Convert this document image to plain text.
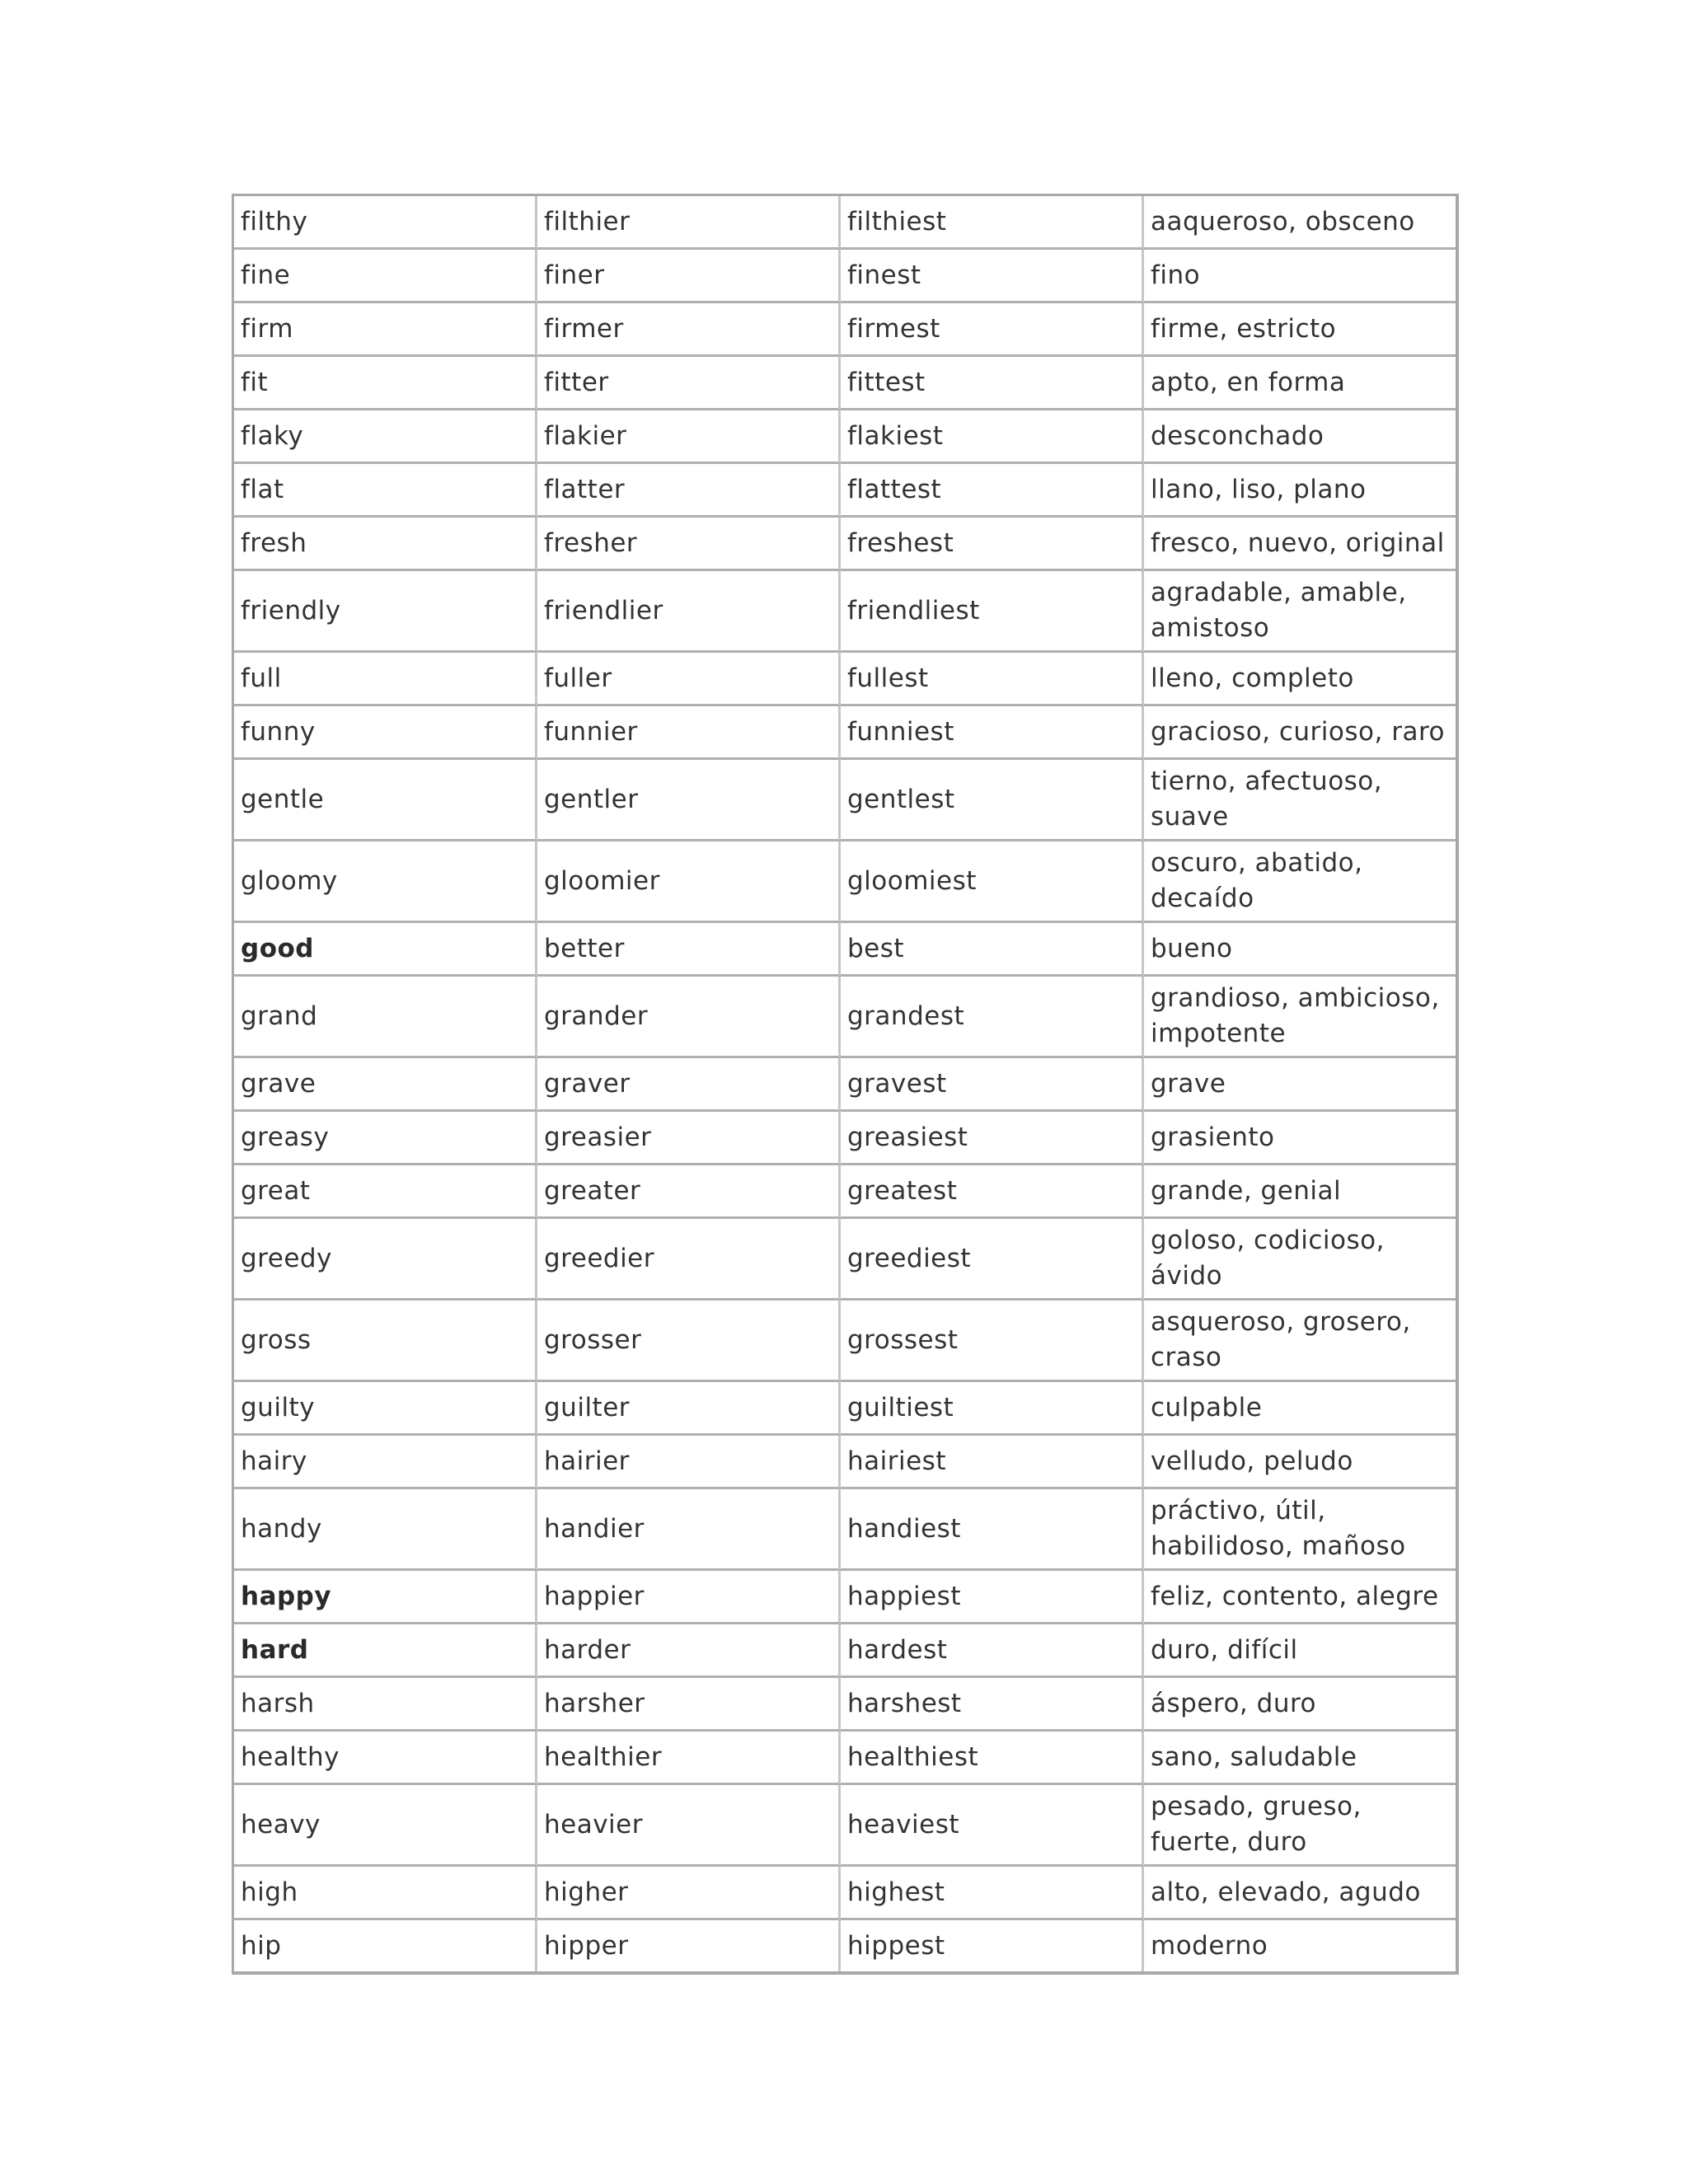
filthy	filthier	filthiest	aaqueroso, obsceno
fine	finer	finest	fino
firm	firmer	firmest	firme, estricto
fit	fitter	fittest	apto, en forma
flaky	flakier	flakiest	desconchado
flat	flatter	flattest	llano, liso, plano
fresh	fresher	freshest	fresco, nuevo, original
friendly	friendlier	friendliest	agradable, amable, amistoso
full	fuller	fullest	lleno, completo
funny	funnier	funniest	gracioso, curioso, raro
gentle	gentler	gentlest	tierno, afectuoso, suave
gloomy	gloomier	gloomiest	oscuro, abatido, decaído
good	better	best	bueno
grand	grander	grandest	grandioso, ambicioso, impotente
grave	graver	gravest	grave
greasy	greasier	greasiest	grasiento
great	greater	greatest	grande, genial
greedy	greedier	greediest	goloso, codicioso, ávido
gross	grosser	grossest	asqueroso, grosero, craso
guilty	guilter	guiltiest	culpable
hairy	hairier	hairiest	velludo, peludo
handy	handier	handiest	práctivo, útil, habilidoso, mañoso
happy	happier	happiest	feliz, contento, alegre
hard	harder	hardest	duro, difícil
harsh	harsher	harshest	áspero, duro
healthy	healthier	healthiest	sano, saludable
heavy	heavier	heaviest	pesado, grueso, fuerte, duro
high	higher	highest	alto, elevado, agudo
hip	hipper	hippest	moderno
